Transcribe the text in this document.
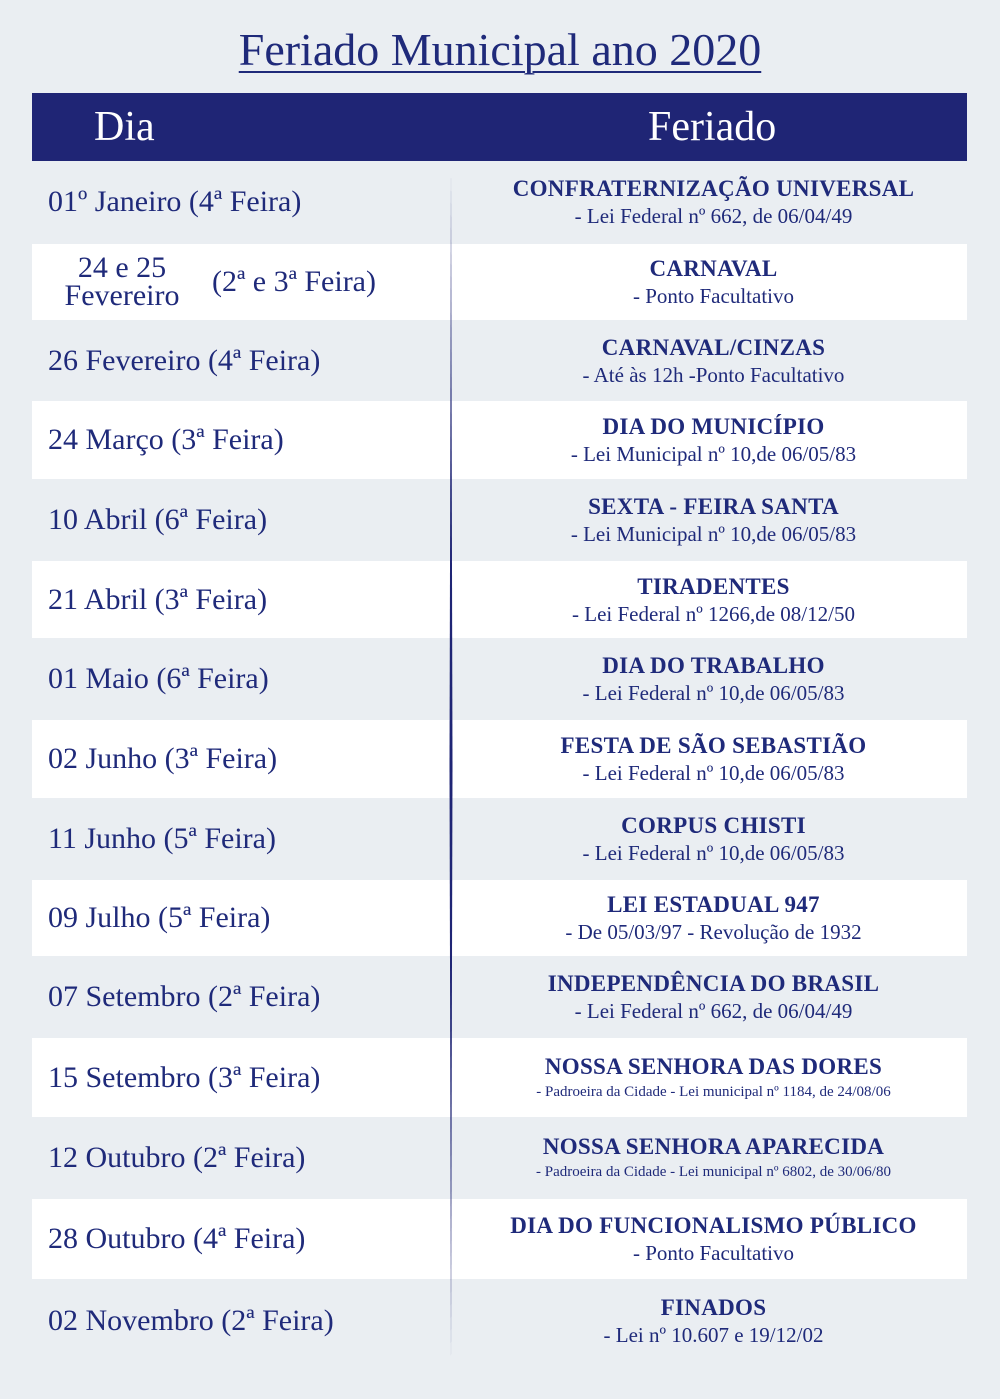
Feriado Municipal ano 2020
Dia	Feriado
01º Janeiro (4ª Feira)	CONFRATERNIZAÇÃO UNIVERSAL
- Lei Federal nº 662, de 06/04/49
24 e 25
Fevereiro	(2ª e 3ª Feira)	CARNAVAL
- Ponto Facultativo
26 Fevereiro (4ª Feira)	CARNAVAL/CINZAS
- Até às 12h -Ponto Facultativo
24 Março (3ª Feira)	DIA DO MUNICÍPIO
- Lei Municipal nº 10,de 06/05/83
10 Abril (6ª Feira)	SEXTA - FEIRA SANTA
- Lei Municipal nº 10,de 06/05/83
21 Abril (3ª Feira)	TIRADENTES
- Lei Federal nº 1266,de 08/12/50
01 Maio (6ª Feira)	DIA DO TRABALHO
- Lei Federal nº 10,de 06/05/83
02 Junho (3ª Feira)	FESTA DE SÃO SEBASTIÃO
- Lei Federal nº 10,de 06/05/83
11 Junho (5ª Feira)	CORPUS CHISTI
- Lei Federal nº 10,de 06/05/83
09 Julho (5ª Feira)	LEI ESTADUAL 947
- De 05/03/97 - Revolução de 1932
07 Setembro (2ª Feira)	INDEPENDÊNCIA DO BRASIL
- Lei Federal nº 662, de 06/04/49
15 Setembro (3ª Feira)	NOSSA SENHORA DAS DORES
- Padroeira da Cidade - Lei municipal nº 1184, de 24/08/06
12 Outubro (2ª Feira)	NOSSA SENHORA APARECIDA
- Padroeira da Cidade - Lei municipal nº 6802, de 30/06/80
28 Outubro (4ª Feira)	DIA DO FUNCIONALISMO PÚBLICO
- Ponto Facultativo
02 Novembro (2ª Feira)	FINADOS
- Lei nº 10.607 e 19/12/02
